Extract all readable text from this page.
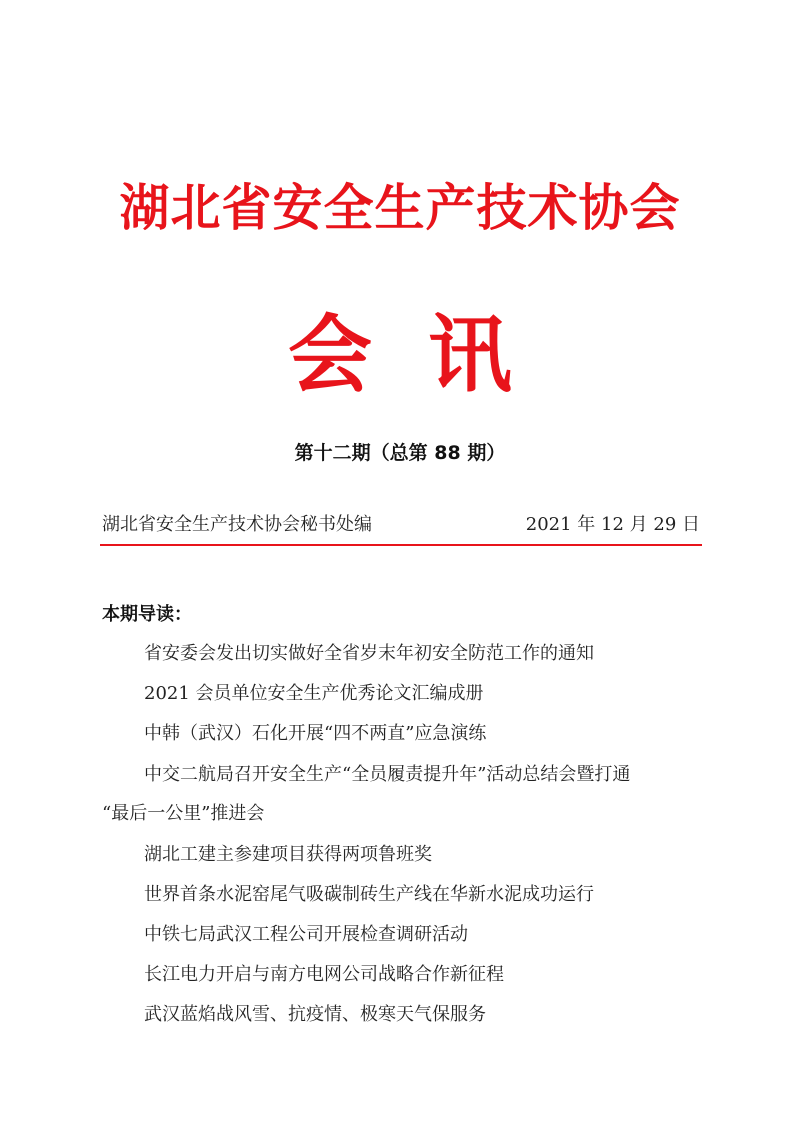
湖北省安全生产技术协会
会讯
第十二期（总第 88 期）
湖北省安全生产技术协会秘书处编	2021 年 12 月 29 日
本期导读：
省安委会发出切实做好全省岁末年初安全防范工作的通知
2021 会员单位安全生产优秀论文汇编成册
中韩（武汉）石化开展“四不两直”应急演练
中交二航局召开安全生产“全员履责提升年”活动总结会暨打通
“最后一公里”推进会
湖北工建主参建项目获得两项鲁班奖
世界首条水泥窑尾气吸碳制砖生产线在华新水泥成功运行
中铁七局武汉工程公司开展检查调研活动
长江电力开启与南方电网公司战略合作新征程
武汉蓝焰战风雪、抗疫情、极寒天气保服务
